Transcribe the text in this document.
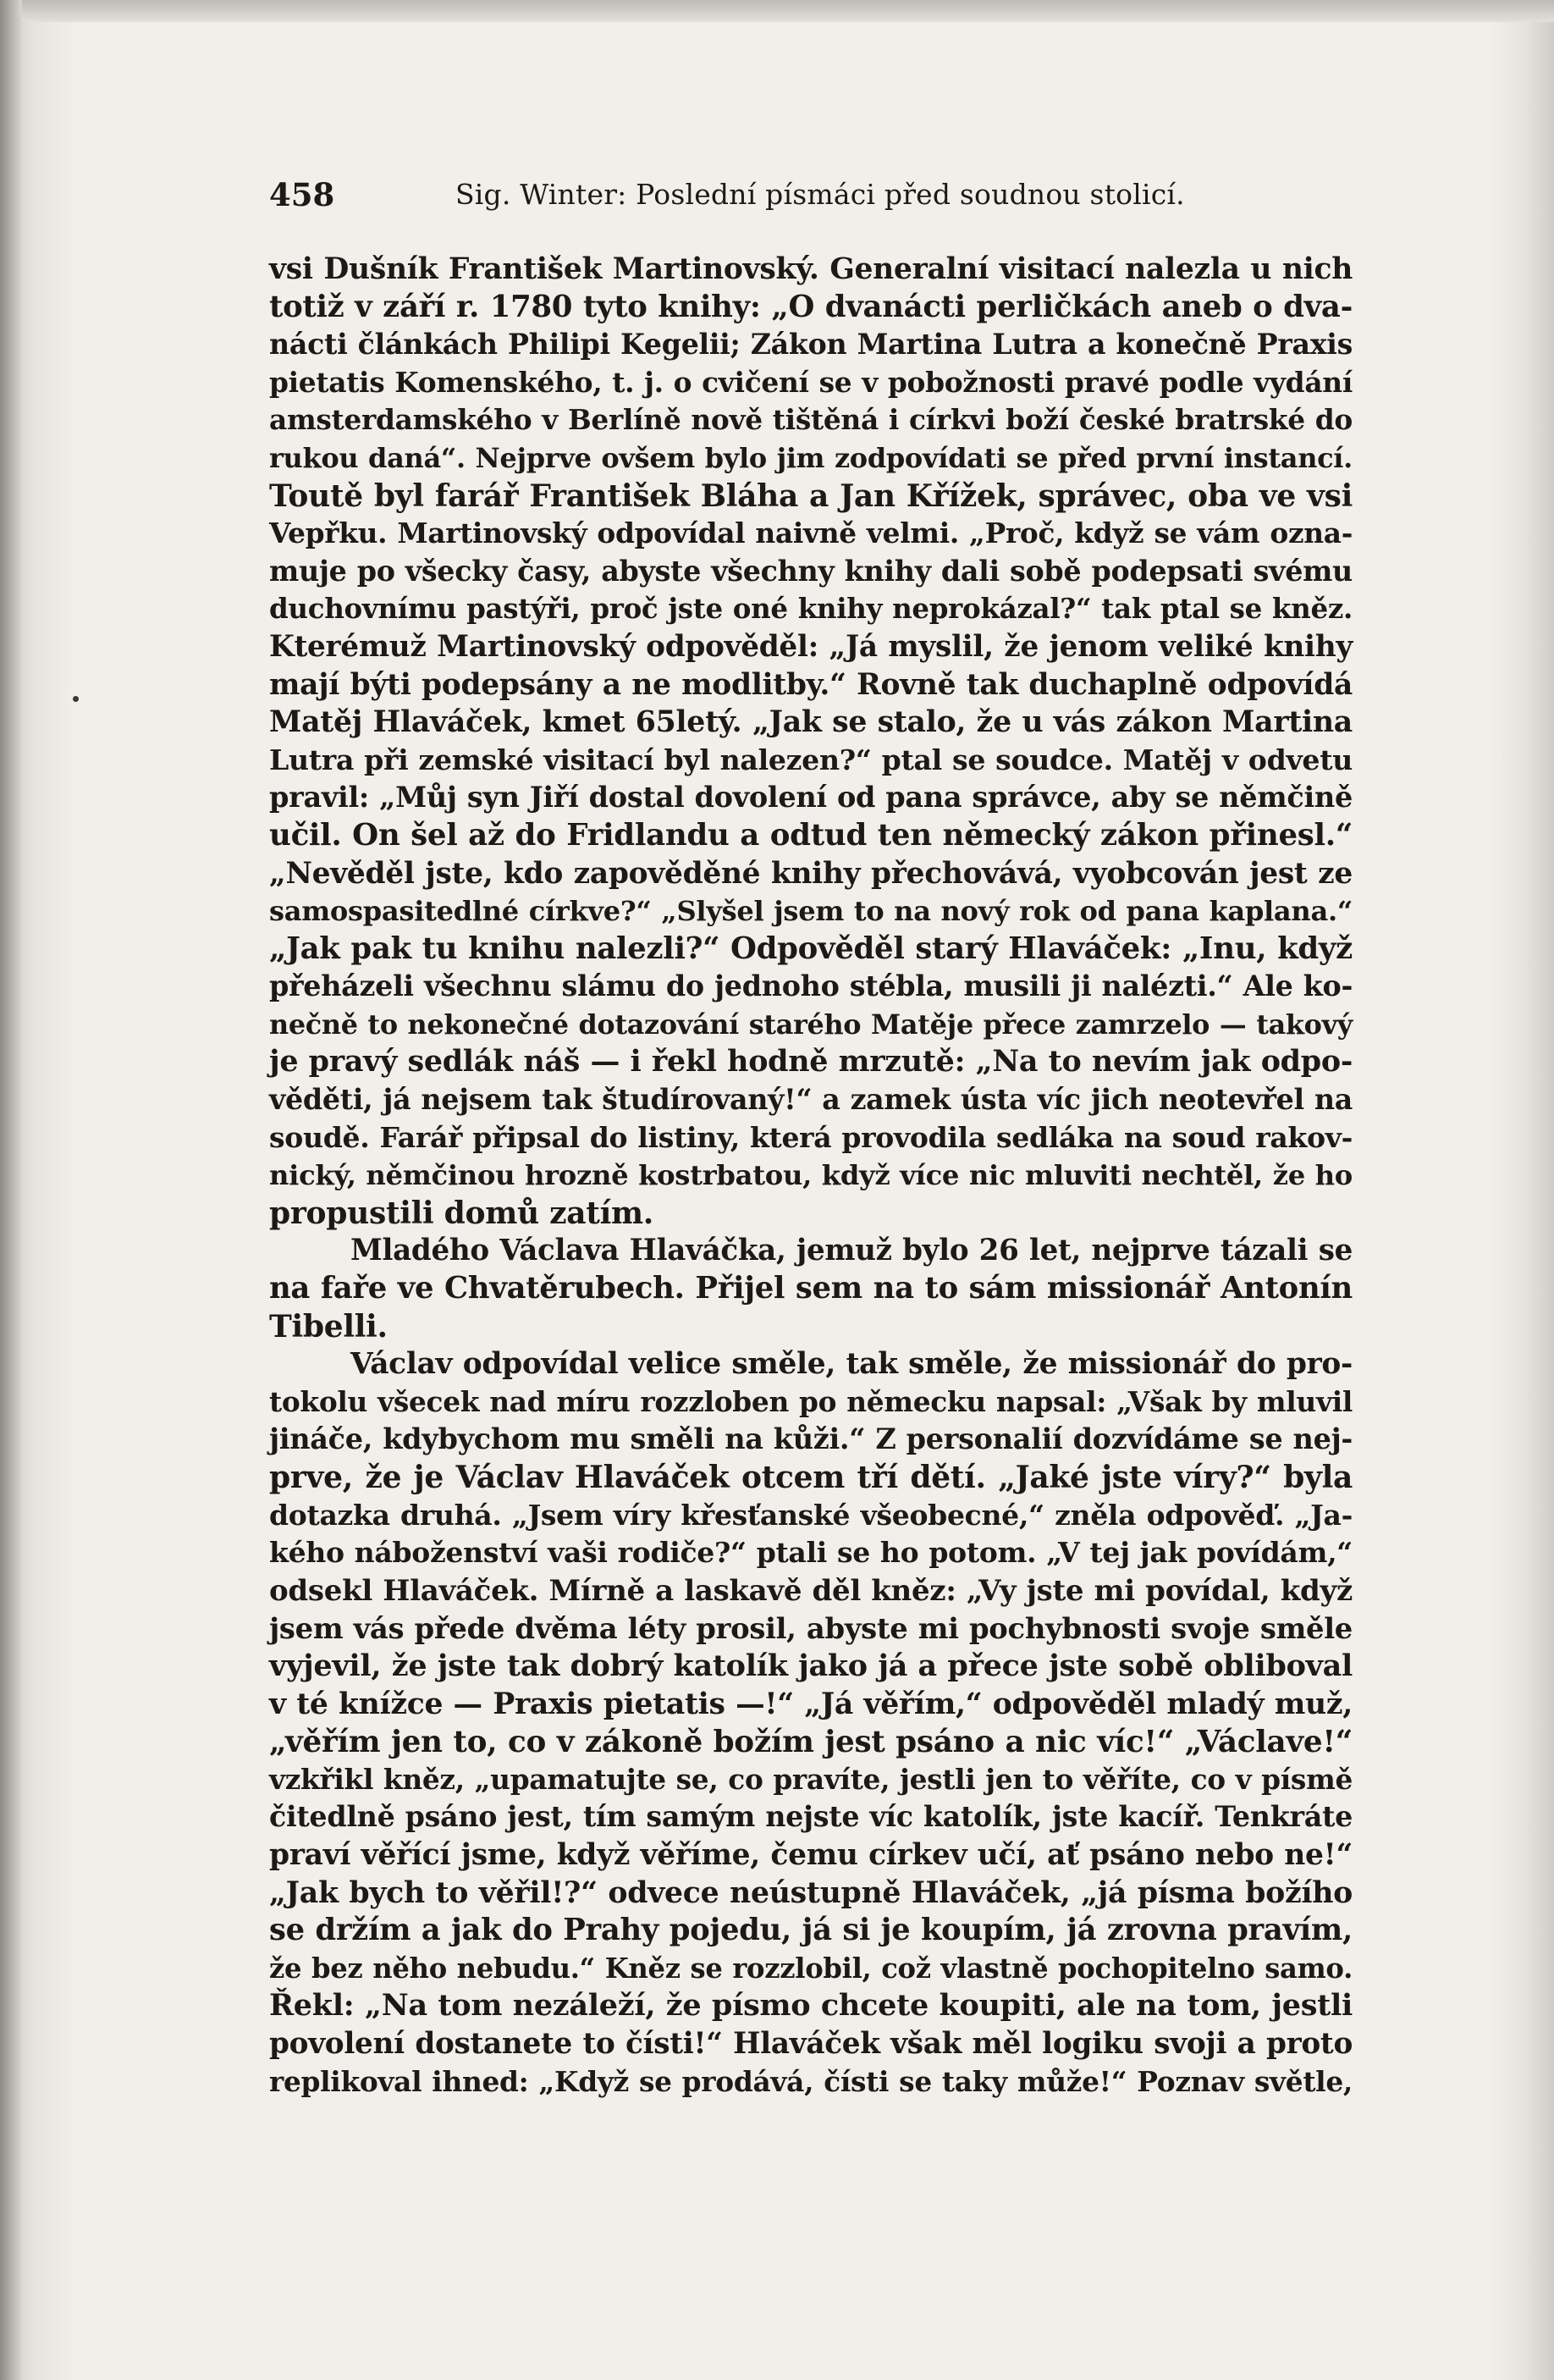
458	Sig. Winter: Poslední písmáci před soudnou stolicí.
vsi Dušník František Martinovský. Generalní visitací nalezla u nich
totiž v září r. 1780 tyto knihy: „O dvanácti perličkách aneb o dva-
nácti článkách Philipi Kegelii; Zákon Martina Lutra a konečně Praxis
pietatis Komenského, t. j. o cvičení se v pobožnosti pravé podle vydání
amsterdamského v Berlíně nově tištěná i církvi boží české bratrské do
rukou daná“. Nejprve ovšem bylo jim zodpovídati se před první instancí.
Toutě byl farář František Bláha a Jan Křížek, správec, oba ve vsi
Vepřku. Martinovský odpovídal naivně velmi. „Proč, když se vám ozna-
muje po všecky časy, abyste všechny knihy dali sobě podepsati svému
duchovnímu pastýři, proč jste oné knihy neprokázal?“ tak ptal se kněz.
Kterémuž Martinovský odpověděl: „Já myslil, že jenom veliké knihy
mají býti podepsány a ne modlitby.“ Rovně tak duchaplně odpovídá
Matěj Hlaváček, kmet 65letý. „Jak se stalo, že u vás zákon Martina
Lutra při zemské visitací byl nalezen?“ ptal se soudce. Matěj v odvetu
pravil: „Můj syn Jiří dostal dovolení od pana správce, aby se němčině
učil. On šel až do Fridlandu a odtud ten německý zákon přinesl.“
„Nevěděl jste, kdo zapověděné knihy přechovává, vyobcován jest ze
samospasitedlné církve?“ „Slyšel jsem to na nový rok od pana kaplana.“
„Jak pak tu knihu nalezli?“ Odpověděl starý Hlaváček: „Inu, když
přeházeli všechnu slámu do jednoho stébla, musili ji nalézti.“ Ale ko-
nečně to nekonečné dotazování starého Matěje přece zamrzelo — takový
je pravý sedlák náš — i řekl hodně mrzutě: „Na to nevím jak odpo-
věděti, já nejsem tak študírovaný!“ a zamek ústa víc jich neotevřel na
soudě. Farář připsal do listiny, která provodila sedláka na soud rakov-
nický, němčinou hrozně kostrbatou, když více nic mluviti nechtěl, že ho
propustili domů zatím.
Mladého Václava Hlaváčka, jemuž bylo 26 let, nejprve tázali se
na faře ve Chvatěrubech. Přijel sem na to sám missionář Antonín
Tibelli.
Václav odpovídal velice směle, tak směle, že missionář do pro-
tokolu všecek nad míru rozzloben po německu napsal: „Však by mluvil
jináče, kdybychom mu směli na kůži.“ Z personalií dozvídáme se nej-
prve, že je Václav Hlaváček otcem tří dětí. „Jaké jste víry?“ byla
dotazka druhá. „Jsem víry křesťanské všeobecné,“ zněla odpověď. „Ja-
kého náboženství vaši rodiče?“ ptali se ho potom. „V tej jak povídám,“
odsekl Hlaváček. Mírně a laskavě děl kněz: „Vy jste mi povídal, když
jsem vás přede dvěma léty prosil, abyste mi pochybnosti svoje směle
vyjevil, že jste tak dobrý katolík jako já a přece jste sobě obliboval
v té knížce — Praxis pietatis —!“ „Já věřím,“ odpověděl mladý muž,
„věřím jen to, co v zákoně božím jest psáno a nic víc!“ „Václave!“
vzkřikl kněz, „upamatujte se, co pravíte, jestli jen to věříte, co v písmě
čitedlně psáno jest, tím samým nejste víc katolík, jste kacíř. Tenkráte
praví věřící jsme, když věříme, čemu církev učí, ať psáno nebo ne!“
„Jak bych to věřil!?“ odvece neústupně Hlaváček, „já písma božího
se držím a jak do Prahy pojedu, já si je koupím, já zrovna pravím,
že bez něho nebudu.“ Kněz se rozzlobil, což vlastně pochopitelno samo.
Řekl: „Na tom nezáleží, že písmo chcete koupiti, ale na tom, jestli
povolení dostanete to čísti!“ Hlaváček však měl logiku svoji a proto
replikoval ihned: „Když se prodává, čísti se taky může!“ Poznav světle,
